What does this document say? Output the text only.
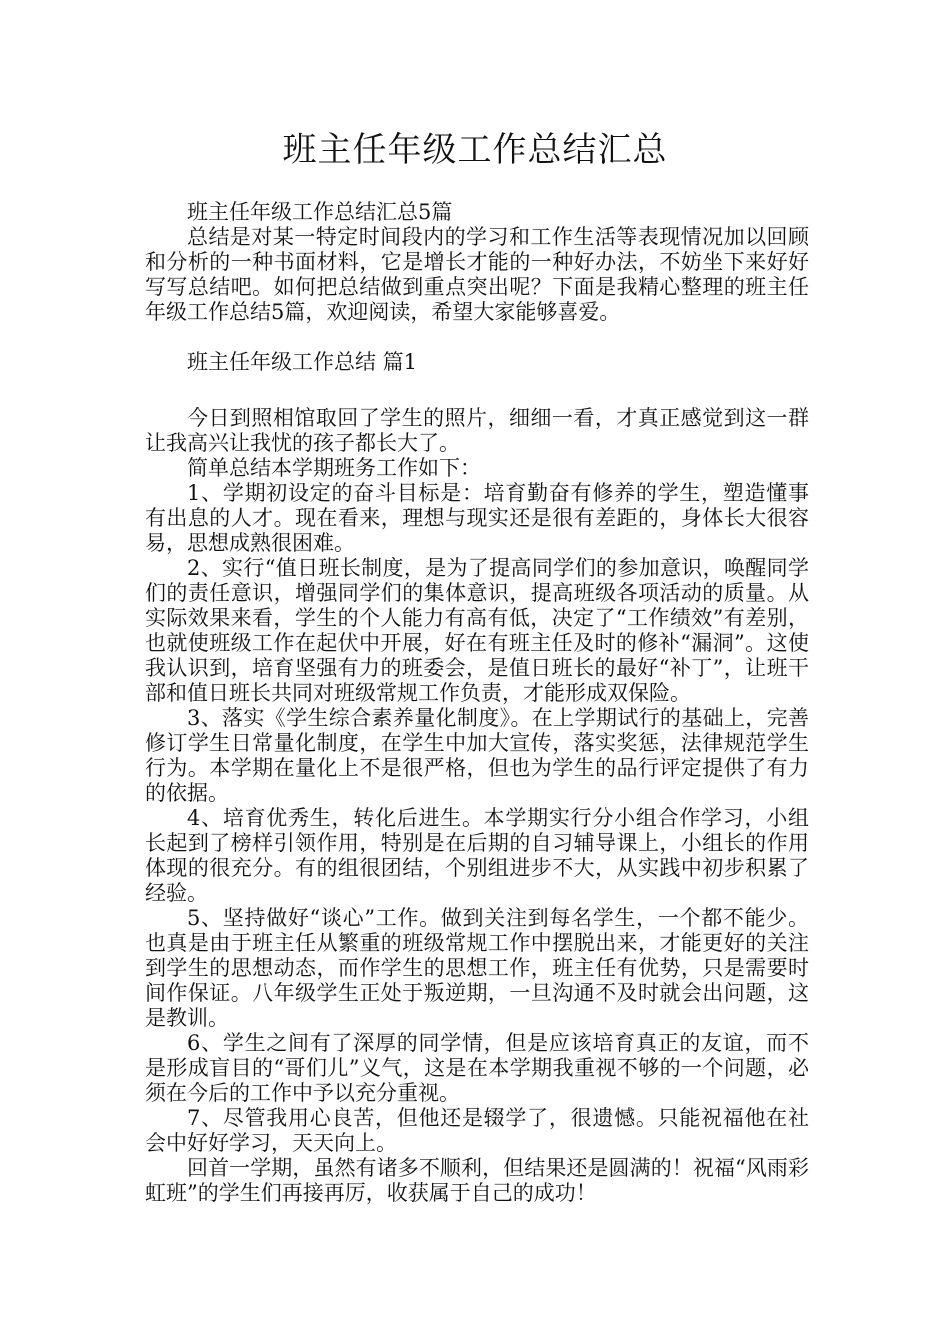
班主任年级工作总结汇总

班主任年级工作总结汇总5篇

总结是对某一特定时间段内的学习和工作生活等表现情况加以回顾和分析的一种书面材料，它是增长才能的一种好办法，不妨坐下来好好写写总结吧。如何把总结做到重点突出呢？下面是我精心整理的班主任年级工作总结5篇，欢迎阅读，希望大家能够喜爱。

班主任年级工作总结 篇1

今日到照相馆取回了学生的照片，细细一看，才真正感觉到这一群让我高兴让我忧的孩子都长大了。

简单总结本学期班务工作如下：

1、学期初设定的奋斗目标是：培育勤奋有修养的学生，塑造懂事有出息的人才。现在看来，理想与现实还是很有差距的，身体长大很容易，思想成熟很困难。

2、实行“值日班长制度，是为了提高同学们的参加意识，唤醒同学们的责任意识，增强同学们的集体意识，提高班级各项活动的质量。从实际效果来看，学生的个人能力有高有低，决定了“工作绩效”有差别，也就使班级工作在起伏中开展，好在有班主任及时的修补“漏洞”。这使我认识到，培育坚强有力的班委会，是值日班长的最好“补丁”，让班干部和值日班长共同对班级常规工作负责，才能形成双保险。

3、落实《学生综合素养量化制度》。在上学期试行的基础上，完善修订学生日常量化制度，在学生中加大宣传，落实奖惩，法律规范学生行为。本学期在量化上不是很严格，但也为学生的品行评定提供了有力的依据。

4、培育优秀生，转化后进生。本学期实行分小组合作学习，小组长起到了榜样引领作用，特别是在后期的自习辅导课上，小组长的作用体现的很充分。有的组很团结，个别组进步不大，从实践中初步积累了经验。

5、坚持做好“谈心”工作。做到关注到每名学生，一个都不能少。也真是由于班主任从繁重的班级常规工作中摆脱出来，才能更好的关注到学生的思想动态，而作学生的思想工作，班主任有优势，只是需要时间作保证。八年级学生正处于叛逆期，一旦沟通不及时就会出问题，这是教训。

6、学生之间有了深厚的同学情，但是应该培育真正的友谊，而不是形成盲目的“哥们儿”义气，这是在本学期我重视不够的一个问题，必须在今后的工作中予以充分重视。

7、尽管我用心良苦，但他还是辍学了，很遗憾。只能祝福他在社会中好好学习，天天向上。

回首一学期，虽然有诸多不顺利，但结果还是圆满的！祝福“风雨彩虹班”的学生们再接再厉，收获属于自己的成功！
